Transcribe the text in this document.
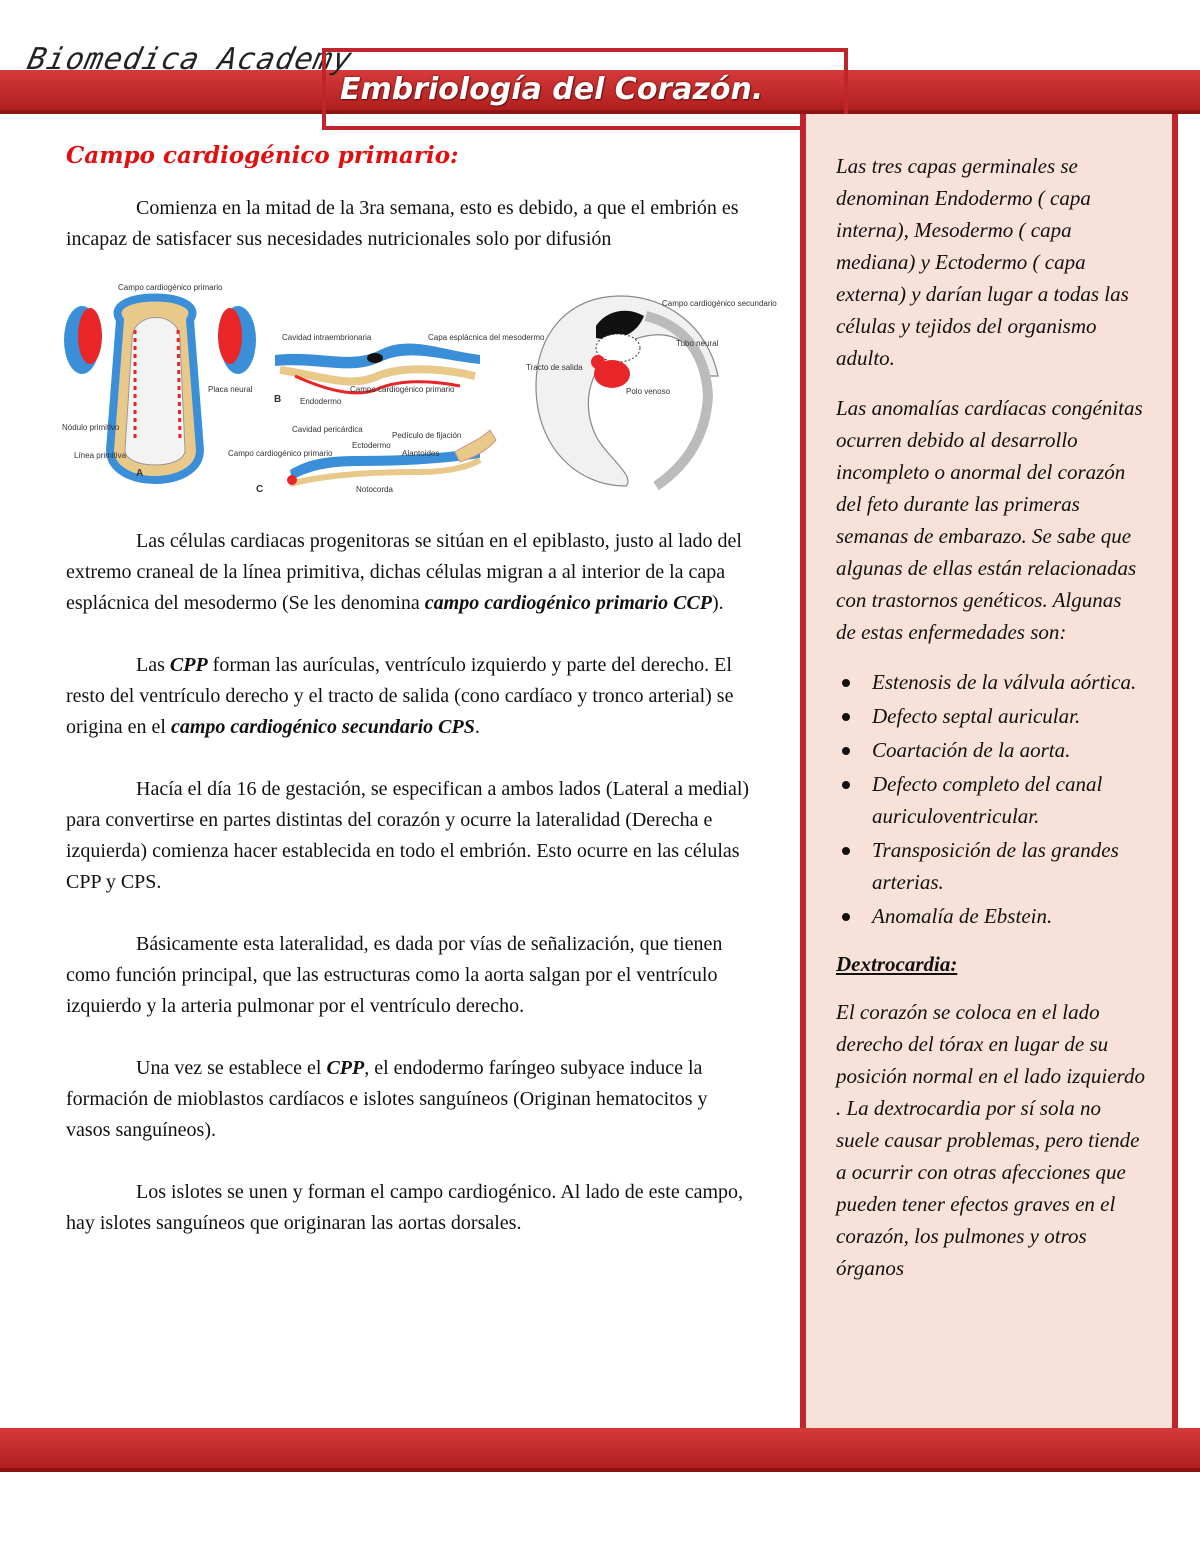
Biomedica Academy
Embriología del Corazón.
Campo cardiogénico primario:

Comienza en la mitad de la 3ra semana, esto es debido, a que el embrión es incapaz de satisfacer sus necesidades nutricionales solo por difusión

Campo cardiogénico primario
Placa neural
Nódulo primitivo
Línea primitiva
A
Cavidad intraembrionaria	Capa esplácnica del mesodermo
Campo cardiogénico primario
Endodermo
B
Cavidad pericárdica
Pedículo de fijación
Ectodermo
Alantoides
Campo cardiogénico primario
Notocorda
C
Campo cardiogénico secundario
Tubo neural
Tracto de salida
Polo venoso

Las células cardiacas progenitoras se sitúan en el epiblasto, justo al lado del extremo craneal de la línea primitiva, dichas células migran a al interior de la capa esplácnica del mesodermo (Se les denomina campo cardiogénico primario CCP).

Las CPP forman las aurículas, ventrículo izquierdo y parte del derecho. El resto del ventrículo derecho y el tracto de salida (cono cardíaco y tronco arterial) se origina en el campo cardiogénico secundario CPS.

Hacía el día 16 de gestación, se especifican a ambos lados (Lateral a medial) para convertirse en partes distintas del corazón y ocurre la lateralidad (Derecha e izquierda) comienza hacer establecida en todo el embrión. Esto ocurre en las células CPP y CPS.

Básicamente esta lateralidad, es dada por vías de señalización, que tienen como función principal, que las estructuras como la aorta salgan por el ventrículo izquierdo y la arteria pulmonar por el ventrículo derecho.

Una vez se establece el CPP, el endodermo faríngeo subyace induce la formación de mioblastos cardíacos e islotes sanguíneos (Originan hematocitos y vasos sanguíneos).

Los islotes se unen y forman el campo cardiogénico. Al lado de este campo, hay islotes sanguíneos que originaran las aortas dorsales.

Las tres capas germinales se denominan Endodermo ( capa interna), Mesodermo ( capa mediana) y Ectodermo ( capa externa) y darían lugar a todas las células y tejidos del organismo adulto.

Las anomalías cardíacas congénitas ocurren debido al desarrollo incompleto o anormal del corazón del feto durante las primeras semanas de embarazo. Se sabe que algunas de ellas están relacionadas con trastornos genéticos. Algunas de estas enfermedades son:

Estenosis de la válvula aórtica.
Defecto septal auricular.
Coartación de la aorta.
Defecto completo del canal auriculoventricular.
Transposición de las grandes arterias.
Anomalía de Ebstein.
Dextrocardia:

El corazón se coloca en el lado derecho del tórax en lugar de su posición normal en el lado izquierdo . La dextrocardia por sí sola no suele causar problemas, pero tiende a ocurrir con otras afecciones que pueden tener efectos graves en el corazón, los pulmones y otros órganos
